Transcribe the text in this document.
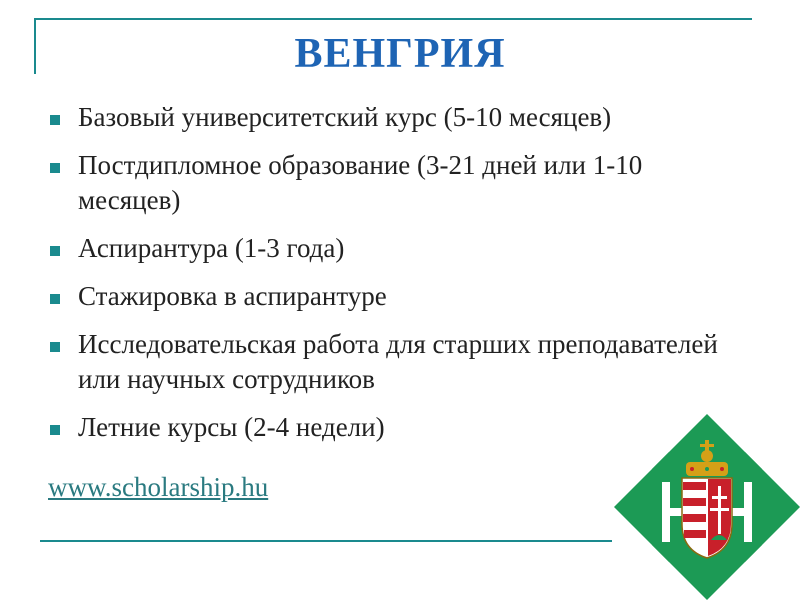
ВЕНГРИЯ
Базовый университетский курс (5-10 месяцев)
Постдипломное образование (3-21 дней или 1-10 месяцев)
Аспирантура (1-3 года)
Стажировка в аспирантуре
Исследовательская работа для старших преподавателей или научных сотрудников
Летние курсы (2-4 недели)
www.scholarship.hu
